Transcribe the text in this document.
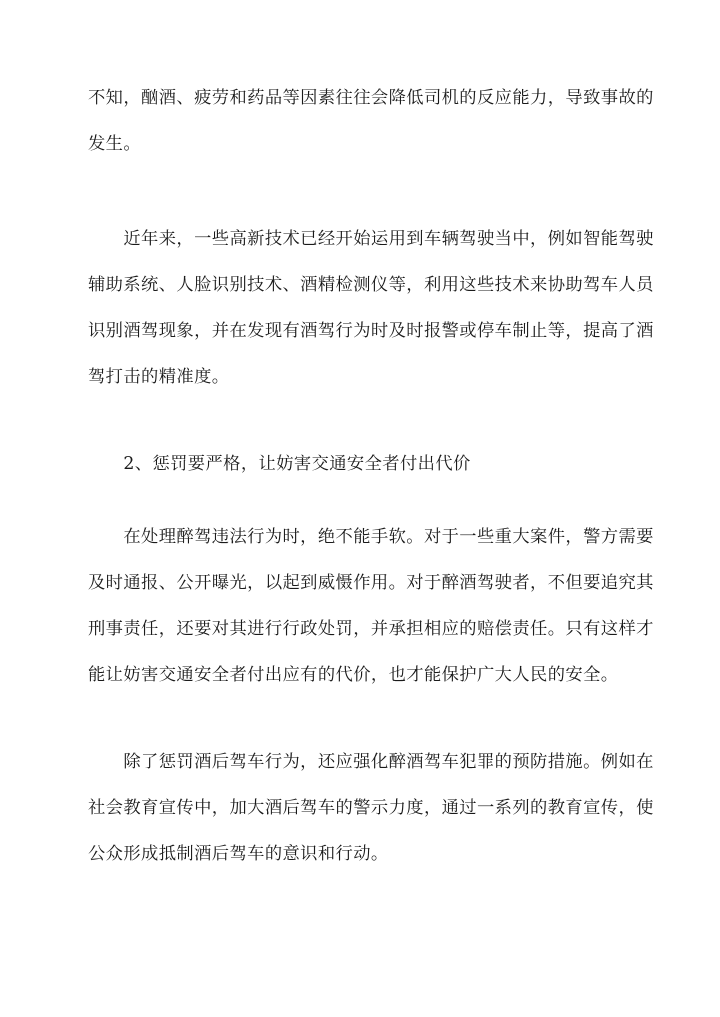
不知，酗酒、疲劳和药品等因素往往会降低司机的反应能力，导致事故的
发生。

　　近年来，一些高新技术已经开始运用到车辆驾驶当中，例如智能驾驶
辅助系统、人脸识别技术、酒精检测仪等，利用这些技术来协助驾车人员
识别酒驾现象，并在发现有酒驾行为时及时报警或停车制止等，提高了酒
驾打击的精准度。

　　2、惩罚要严格，让妨害交通安全者付出代价

　　在处理醉驾违法行为时，绝不能手软。对于一些重大案件，警方需要
及时通报、公开曝光，以起到威慑作用。对于醉酒驾驶者，不但要追究其
刑事责任，还要对其进行行政处罚，并承担相应的赔偿责任。只有这样才
能让妨害交通安全者付出应有的代价，也才能保护广大人民的安全。

　　除了惩罚酒后驾车行为，还应强化醉酒驾车犯罪的预防措施。例如在
社会教育宣传中，加大酒后驾车的警示力度，通过一系列的教育宣传，使
公众形成抵制酒后驾车的意识和行动。
